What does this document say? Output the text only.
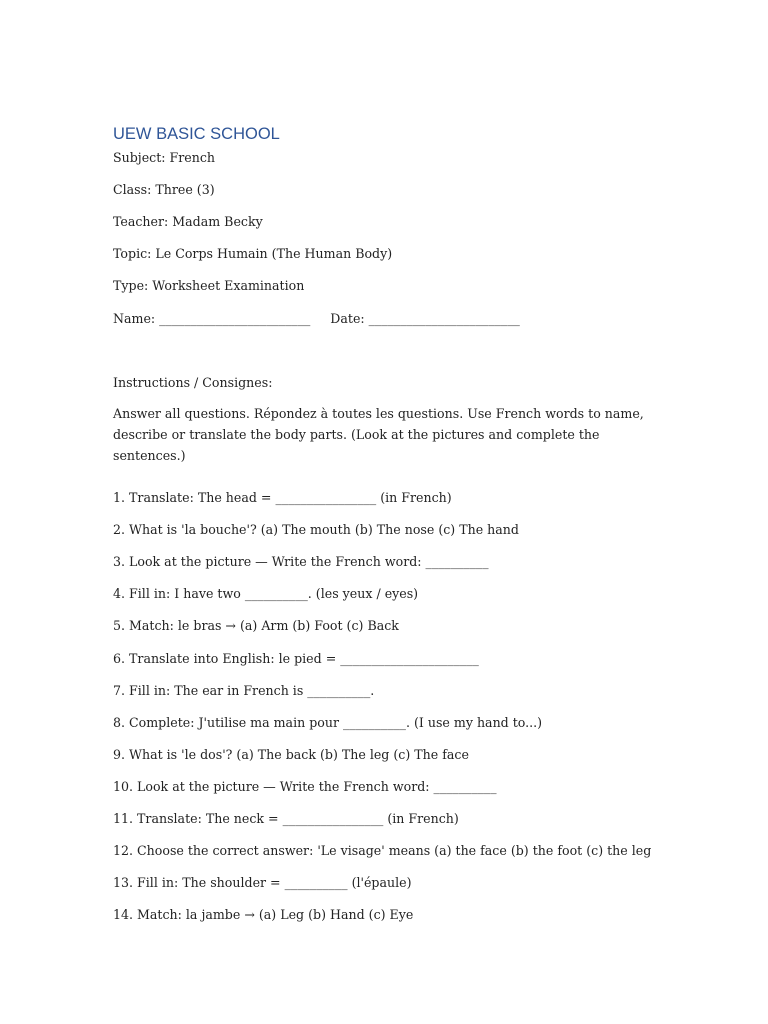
UEW BASIC SCHOOL
Subject: French
Class: Three (3)
Teacher: Madam Becky
Topic: Le Corps Humain (The Human Body)
Type: Worksheet Examination
Name: ________________________     Date: ________________________
Instructions / Consignes:
Answer all questions. Répondez à toutes les questions. Use French words to name, describe or translate the body parts. (Look at the pictures and complete the sentences.)
1. Translate: The head = ________________ (in French)
2. What is 'la bouche'? (a) The mouth (b) The nose (c) The hand
3. Look at the picture — Write the French word: __________
4. Fill in: I have two __________. (les yeux / eyes)
5. Match: le bras → (a) Arm (b) Foot (c) Back
6. Translate into English: le pied = ______________________
7. Fill in: The ear in French is __________.
8. Complete: J'utilise ma main pour __________. (I use my hand to...)
9. What is 'le dos'? (a) The back (b) The leg (c) The face
10. Look at the picture — Write the French word: __________
11. Translate: The neck = ________________ (in French)
12. Choose the correct answer: 'Le visage' means (a) the face (b) the foot (c) the leg
13. Fill in: The shoulder = __________ (l'épaule)
14. Match: la jambe → (a) Leg (b) Hand (c) Eye
